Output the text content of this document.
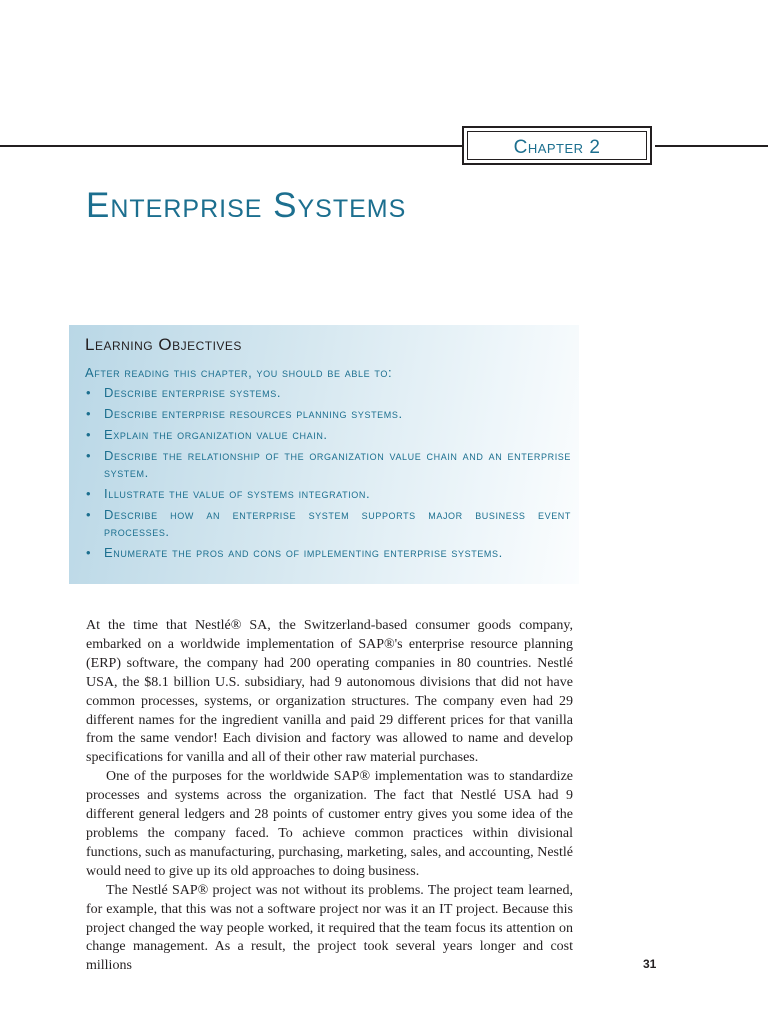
Chapter 2
Enterprise Systems
Learning Objectives

After reading this chapter, you should be able to:

• Describe enterprise systems.
• Describe enterprise resources planning systems.
• Explain the organization value chain.
• Describe the relationship of the organization value chain and an enterprise system.
• Illustrate the value of systems integration.
• Describe how an enterprise system supports major business event processes.
• Enumerate the pros and cons of implementing enterprise systems.

At the time that Nestlé® SA, the Switzerland-based consumer goods company, embarked on a worldwide implementation of SAP®'s enterprise resource planning (ERP) software, the company had 200 operating companies in 80 countries. Nestlé USA, the $8.1 billion U.S. subsidiary, had 9 autonomous divisions that did not have common processes, systems, or organization structures. The company even had 29 different names for the ingredient vanilla and paid 29 different prices for that vanilla from the same vendor! Each division and factory was allowed to name and develop specifications for vanilla and all of their other raw material purchases.

One of the purposes for the worldwide SAP® implementation was to standardize processes and systems across the organization. The fact that Nestlé USA had 9 different general ledgers and 28 points of customer entry gives you some idea of the problems the company faced. To achieve common practices within divisional functions, such as manufacturing, purchasing, marketing, sales, and accounting, Nestlé would need to give up its old approaches to doing business.

The Nestlé SAP® project was not without its problems. The project team learned, for example, that this was not a software project nor was it an IT project. Because this project changed the way people worked, it required that the team focus its attention on change management. As a result, the project took several years longer and cost millions	31
